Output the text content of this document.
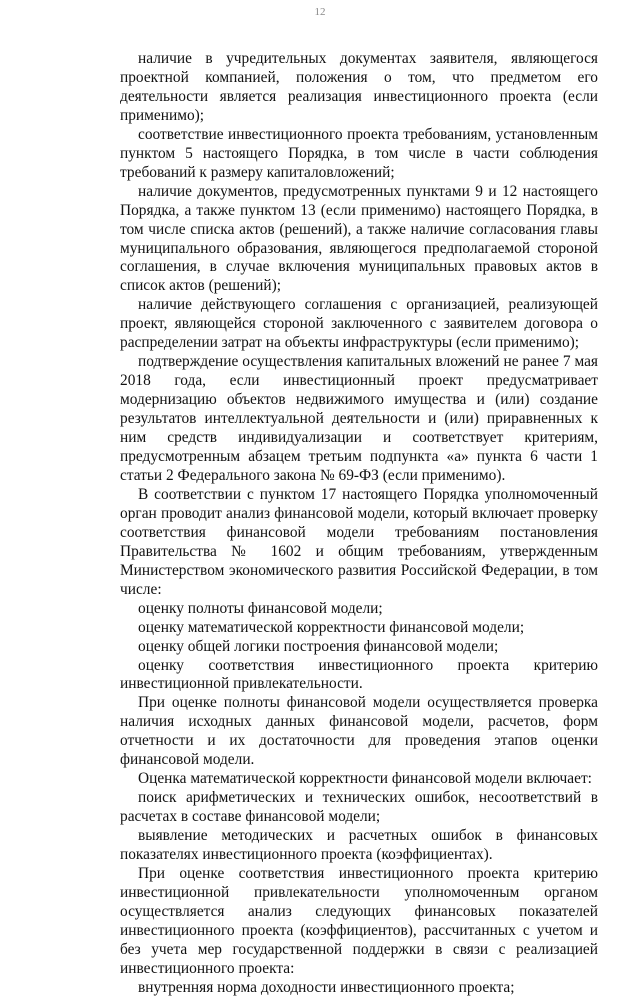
12

наличие в учредительных документах заявителя, являющегося проектной компанией, положения о том, что предметом его деятельности является реализация инвестиционного проекта (если применимо);

соответствие инвестиционного проекта требованиям, установленным пунктом 5 настоящего Порядка, в том числе в части соблюдения требований к размеру капиталовложений;

наличие документов, предусмотренных пунктами 9 и 12 настоящего Порядка, а также пунктом 13 (если применимо) настоящего Порядка, в том числе списка актов (решений), а также наличие согласования главы муниципального образования, являющегося предполагаемой стороной соглашения, в случае включения муниципальных правовых актов в список актов (решений);

наличие действующего соглашения с организацией, реализующей проект, являющейся стороной заключенного с заявителем договора о распределении затрат на объекты инфраструктуры (если применимо);

подтверждение осуществления капитальных вложений не ранее 7 мая 2018 года, если инвестиционный проект предусматривает модернизацию объектов недвижимого имущества и (или) создание результатов интеллектуальной деятельности и (или) приравненных к ним средств индивидуализации и соответствует критериям, предусмотренным абзацем третьим подпункта «а» пункта 6 части 1 статьи 2 Федерального закона № 69-ФЗ (если применимо).

В соответствии с пунктом 17 настоящего Порядка уполномоченный орган проводит анализ финансовой модели, который включает проверку соответствия финансовой модели требованиям постановления Правительства № 1602 и общим требованиям, утвержденным Министерством экономического развития Российской Федерации, в том числе:

оценку полноты финансовой модели;

оценку математической корректности финансовой модели;

оценку общей логики построения финансовой модели;

оценку соответствия инвестиционного проекта критерию инвестиционной привлекательности.

При оценке полноты финансовой модели осуществляется проверка наличия исходных данных финансовой модели, расчетов, форм отчетности и их достаточности для проведения этапов оценки финансовой модели.

Оценка математической корректности финансовой модели включает:

поиск арифметических и технических ошибок, несоответствий в расчетах в составе финансовой модели;

выявление методических и расчетных ошибок в финансовых показателях инвестиционного проекта (коэффициентах).

При оценке соответствия инвестиционного проекта критерию инвестиционной привлекательности уполномоченным органом осуществляется анализ следующих финансовых показателей инвестиционного проекта (коэффициентов), рассчитанных с учетом и без учета мер государственной поддержки в связи с реализацией инвестиционного проекта:

внутренняя норма доходности инвестиционного проекта;
